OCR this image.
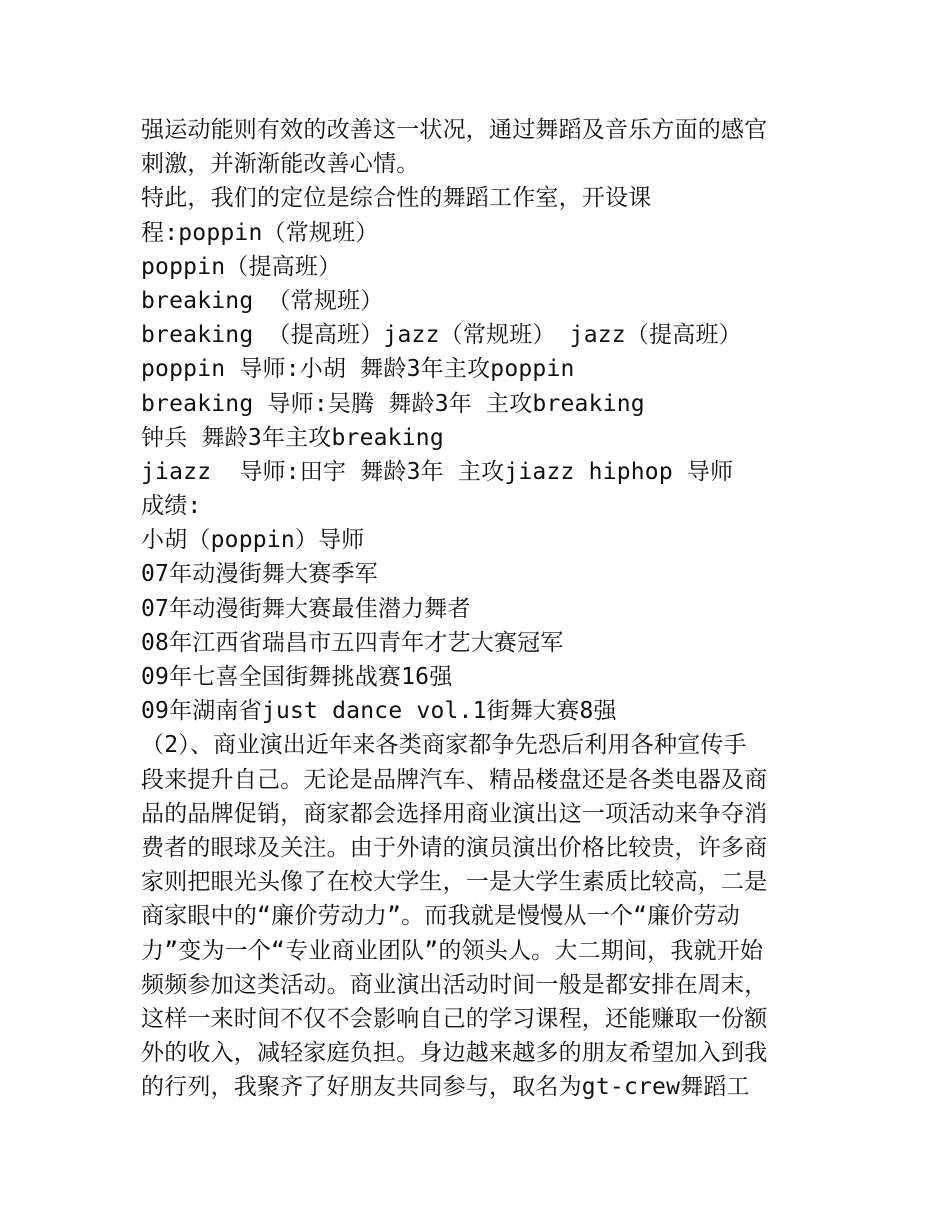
强运动能则有效的改善这一状况，通过舞蹈及音乐方面的感官
刺激，并渐渐能改善心情。
特此，我们的定位是综合性的舞蹈工作室，开设课
程:poppin（常规班）
poppin（提高班）
breaking （常规班）
breaking （提高班）jazz（常规班） jazz（提高班）
poppin 导师:小胡 舞龄3年主攻poppin
breaking 导师:吴腾 舞龄3年 主攻breaking
钟兵 舞龄3年主攻breaking
jiazz  导师:田宇 舞龄3年 主攻jiazz hiphop 导师
成绩:
小胡（poppin）导师
07年动漫街舞大赛季军
07年动漫街舞大赛最佳潜力舞者
08年江西省瑞昌市五四青年才艺大赛冠军
09年七喜全国街舞挑战赛16强
09年湖南省just dance vol.1街舞大赛8强
（2）、商业演出近年来各类商家都争先恐后利用各种宣传手
段来提升自己。无论是品牌汽车、精品楼盘还是各类电器及商
品的品牌促销，商家都会选择用商业演出这一项活动来争夺消
费者的眼球及关注。由于外请的演员演出价格比较贵，许多商
家则把眼光头像了在校大学生，一是大学生素质比较高，二是
商家眼中的“廉价劳动力”。而我就是慢慢从一个“廉价劳动
力”变为一个“专业商业团队”的领头人。大二期间，我就开始
频频参加这类活动。商业演出活动时间一般是都安排在周末，
这样一来时间不仅不会影响自己的学习课程，还能赚取一份额
外的收入，减轻家庭负担。身边越来越多的朋友希望加入到我
的行列，我聚齐了好朋友共同参与，取名为gt-crew舞蹈工
